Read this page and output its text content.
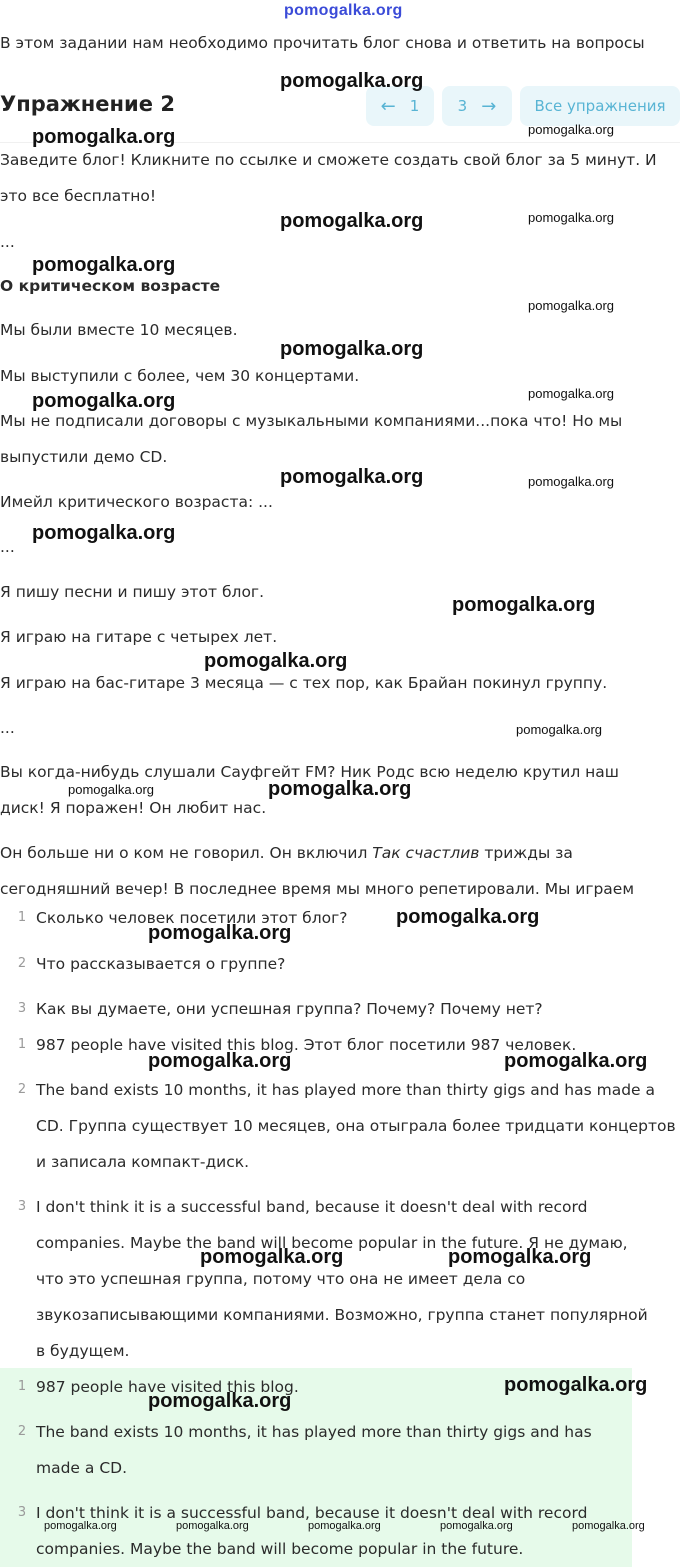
pomogalka.org
В этом задании нам необходимо прочитать блог снова и ответить на вопросы
Упражнение 2	← 1	3 →	Все упражнения
Заведите блог! Кликните по ссылке и сможете создать свой блог за 5 минут. И
это все бесплатно!
...
О критическом возрасте
Мы были вместе 10 месяцев.
Мы выступили с более, чем 30 концертами.
Мы не подписали договоры с музыкальными компаниями...пока что! Но мы
выпустили демо CD.
Имейл критического возраста: ...
...
Я пишу песни и пишу этот блог.
Я играю на гитаре с четырех лет.
Я играю на бас-гитаре 3 месяца — с тех пор, как Брайан покинул группу.
...
Вы когда-нибудь слушали Сауфгейт FM? Ник Родс всю неделю крутил наш
диск! Я поражен! Он любит нас.
Он больше ни о ком не говорил. Он включил Так счастлив трижды за
сегодняшний вечер! В последнее время мы много репетировали. Мы играем
1 Сколько человек посетили этот блог?
2 Что рассказывается о группе?
3 Как вы думаете, они успешная группа? Почему? Почему нет?
1 987 people have visited this blog. Этот блог посетили 987 человек.
2 The band exists 10 months, it has played more than thirty gigs and has made a
CD. Группа существует 10 месяцев, она отыграла более тридцати концертов
и записала компакт-диск.
3 I don't think it is a successful band, because it doesn't deal with record
companies. Maybe the band will become popular in the future. Я не думаю,
что это успешная группа, потому что она не имеет дела со
звукозаписывающими компаниями. Возможно, группа станет популярной
в будущем.
1 987 people have visited this blog.
2 The band exists 10 months, it has played more than thirty gigs and has
made a CD.
3 I don't think it is a successful band, because it doesn't deal with record
companies. Maybe the band will become popular in the future.
pomogalka.org
pomogalka.org	pomogalka.org
pomogalka.org	pomogalka.org
pomogalka.org
pomogalka.org
pomogalka.org
pomogalka.org
pomogalka.org
pomogalka.org	pomogalka.org
pomogalka.org
pomogalka.org
pomogalka.org
pomogalka.org
pomogalka.org
pomogalka.org
pomogalka.org
pomogalka.org
pomogalka.org	pomogalka.org
pomogalka.org	pomogalka.org
pomogalka.org
pomogalka.org
pomogalka.org	pomogalka.org	pomogalka.org	pomogalka.org	pomogalka.org
